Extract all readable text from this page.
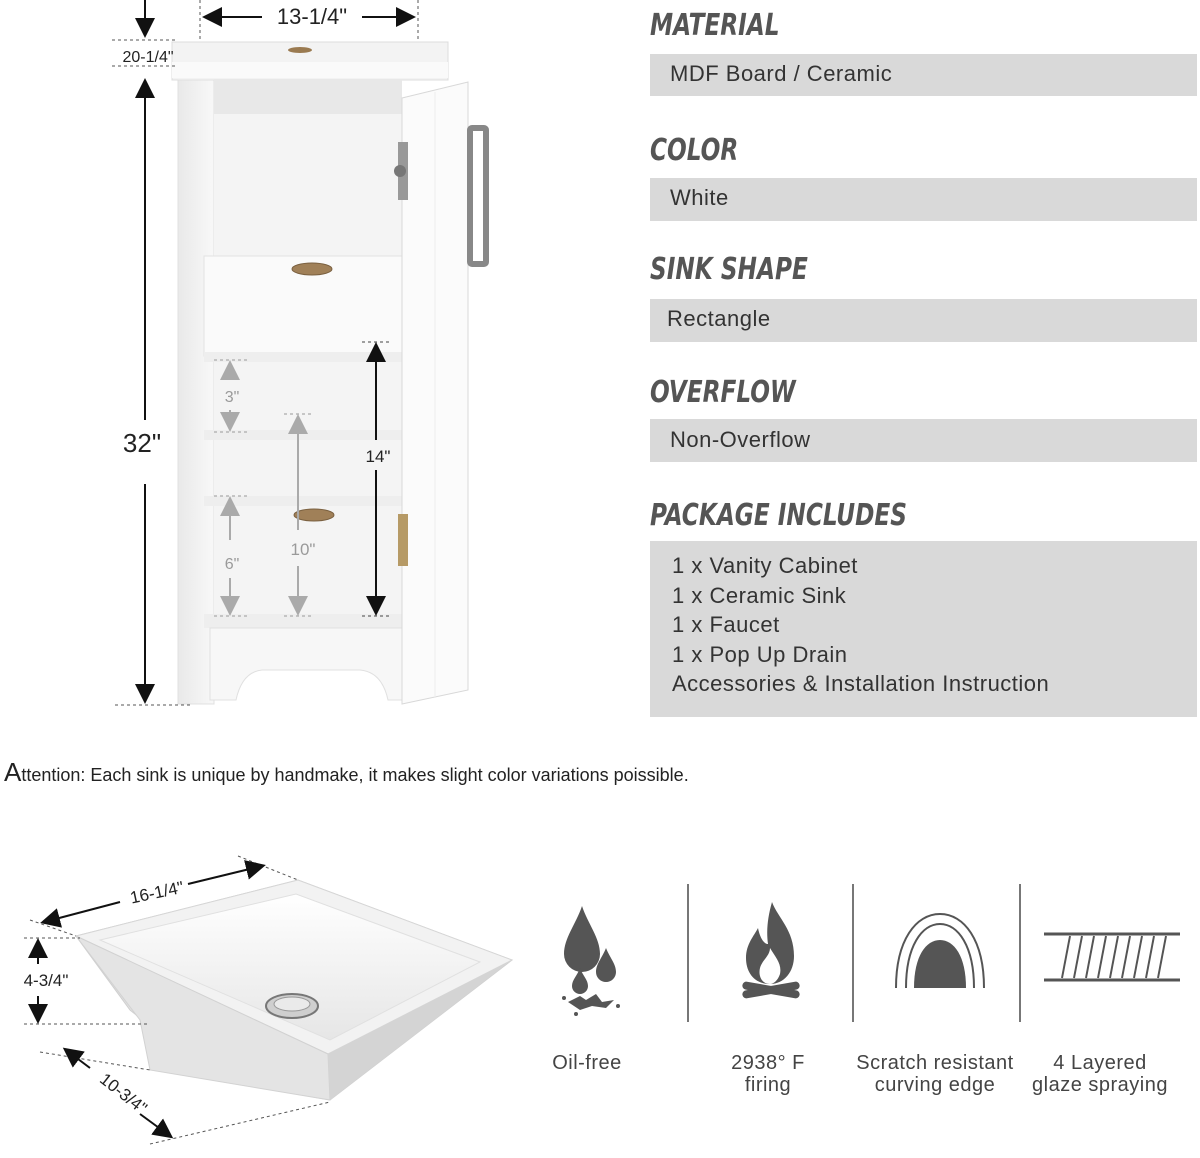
13-1/4"
20-1/4"
32"
3"
6"
10"
14"
MATERIAL
MDF Board / Ceramic
COLOR
White
SINK SHAPE
Rectangle
OVERFLOW
Non-Overflow
PACKAGE INCLUDES
1 x Vanity Cabinet
1 x Ceramic Sink
1 x Faucet
1 x Pop Up Drain
Accessories & Installation Instruction
Attention: Each sink is unique by handmake, it makes slight color variations poissible.
16-1/4"
4-3/4"
10-3/4"
Oil-free	2938° F
firing
Scratch resistant
curving edge
4 Layered
glaze spraying
